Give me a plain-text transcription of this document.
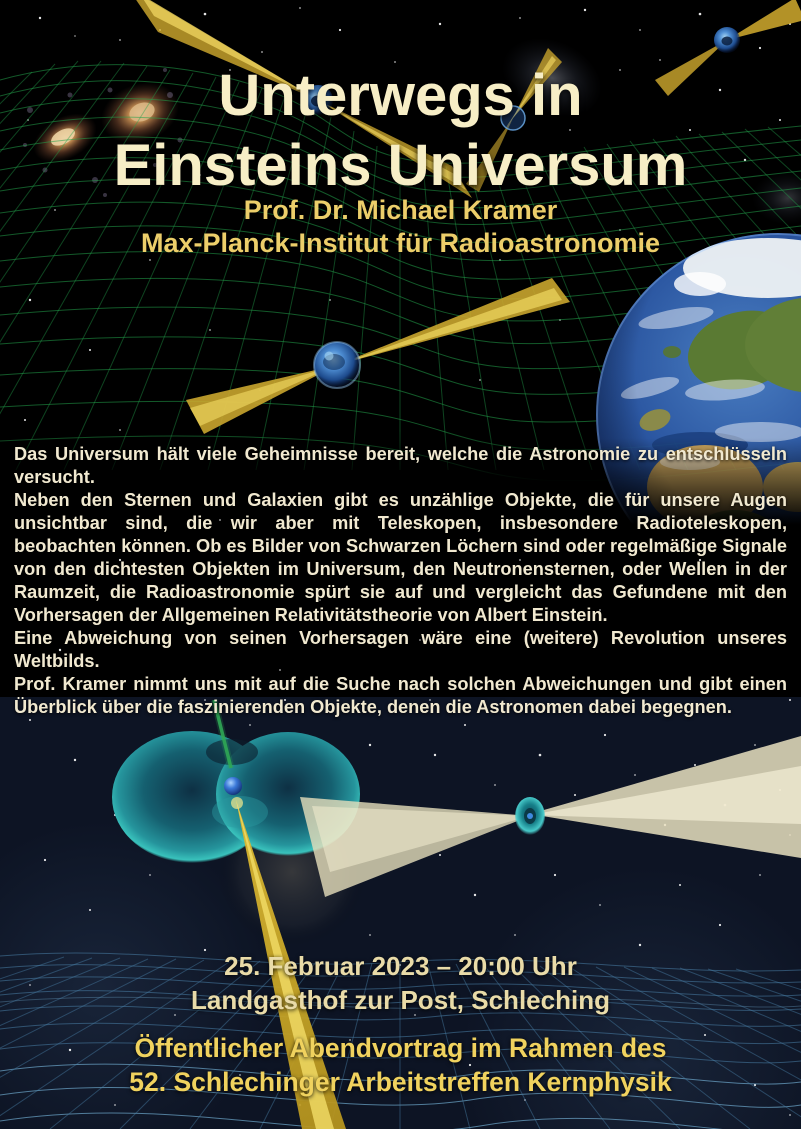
Unterwegs in
Einsteins Universum
Prof. Dr. Michael Kramer
Max-Planck-Institut für Radioastronomie

Das Universum hält viele Geheimnisse bereit, welche die Astronomie zu entschlüsseln versucht.

Neben den Sternen und Galaxien gibt es unzählige Objekte, die für unsere Augen unsichtbar sind, die wir aber mit Teleskopen, insbesondere Radioteleskopen, beobachten können. Ob es Bilder von Schwarzen Löchern sind oder regelmäßige Signale von den dichtesten Objekten im Universum, den Neutronensternen, oder Wellen in der Raumzeit, die Radioastronomie spürt sie auf und vergleicht das Gefundene mit den Vorhersagen der Allgemeinen Relativitätstheorie von Albert Einstein.

Eine Abweichung von seinen Vorhersagen wäre eine (weitere) Revolution unseres Weltbilds.

Prof. Kramer nimmt uns mit auf die Suche nach solchen Abweichungen und gibt einen Überblick über die faszinierenden Objekte, denen die Astronomen dabei begegnen.

25. Februar 2023 – 20:00 Uhr
Landgasthof zur Post, Schleching
Öffentlicher Abendvortrag im Rahmen des
52. Schlechinger Arbeitstreffen Kernphysik
